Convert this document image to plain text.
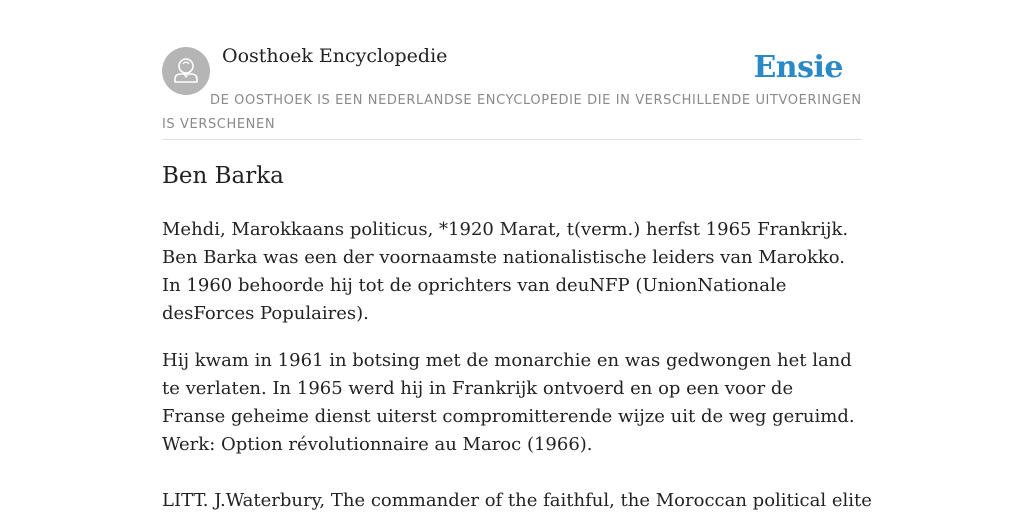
Oosthoek Encyclopedie	Ensie
DE OOSTHOEK IS EEN NEDERLANDSE ENCYCLOPEDIE DIE IN VERSCHILLENDE UITVOERINGEN IS VERSCHENEN
Ben Barka

Mehdi, Marokkaans politicus, *1920 Marat, t(verm.) herfst 1965 Frankrijk. Ben Barka was een der voornaamste nationalistische leiders van Marokko. In 1960 behoorde hij tot de oprichters van deuNFP (UnionNationale desForces Populaires).

Hij kwam in 1961 in botsing met de monarchie en was gedwongen het land te verlaten. In 1965 werd hij in Frankrijk ontvoerd en op een voor de Franse geheime dienst uiterst compromitterende wijze uit de weg geruimd. Werk: Option révolutionnaire au Maroc (1966).

LITT. J.Waterbury, The commander of the faithful, the Moroccan political elite
